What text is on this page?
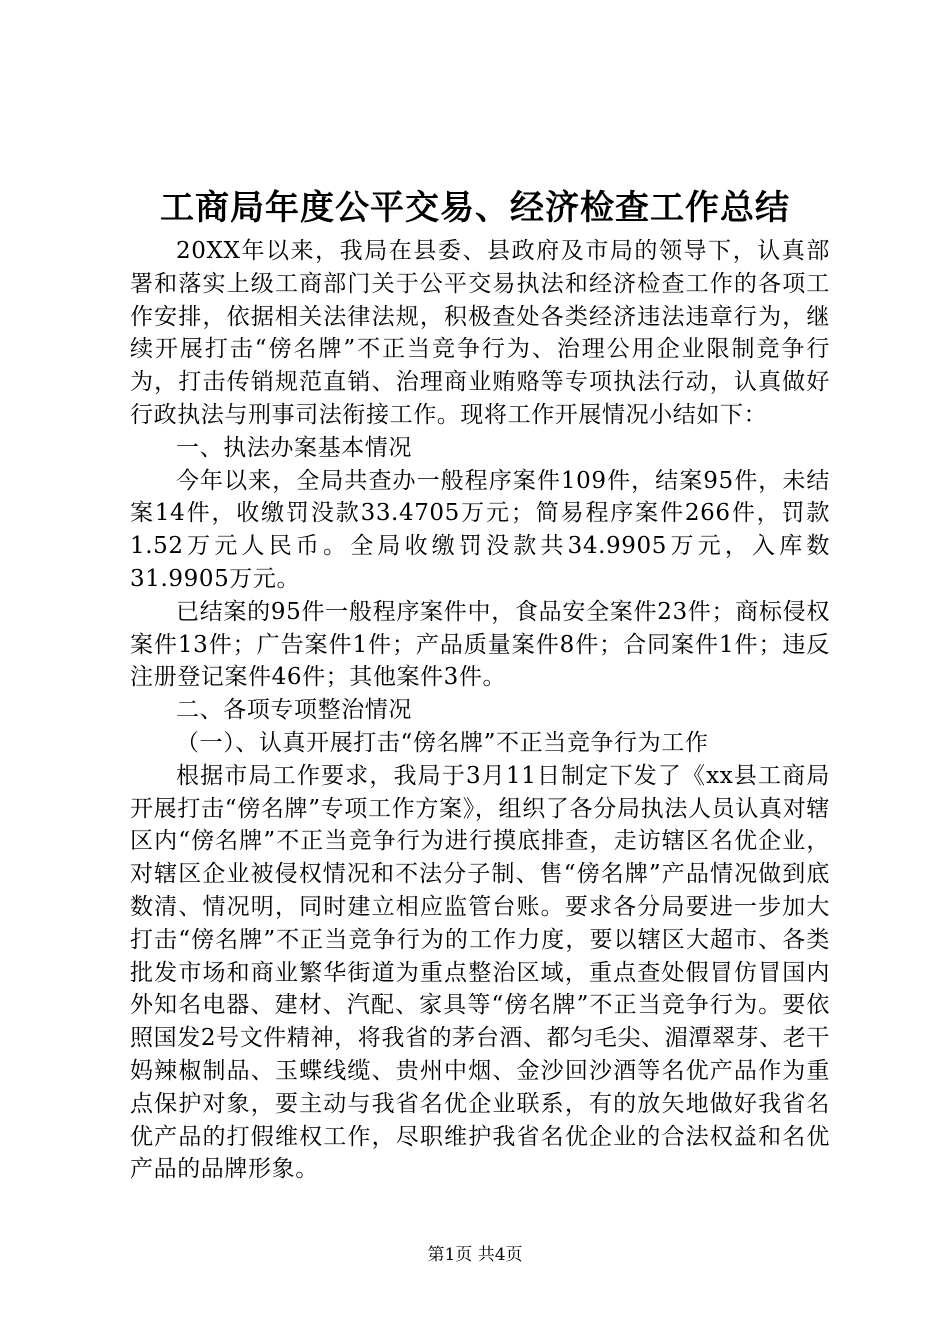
工商局年度公平交易、经济检查工作总结

20XX年以来，我局在县委、县政府及市局的领导下，认真部署和落实上级工商部门关于公平交易执法和经济检查工作的各项工作安排，依据相关法律法规，积极查处各类经济违法违章行为，继续开展打击“傍名牌”不正当竞争行为、治理公用企业限制竞争行为，打击传销规范直销、治理商业贿赂等专项执法行动，认真做好行政执法与刑事司法衔接工作。现将工作开展情况小结如下：

一、执法办案基本情况

今年以来，全局共查办一般程序案件109件，结案95件，未结案14件，收缴罚没款33.4705万元；简易程序案件266件，罚款1.52万元人民币。全局收缴罚没款共34.9905万元，入库数31.9905万元。

已结案的95件一般程序案件中，食品安全案件23件；商标侵权案件13件；广告案件1件；产品质量案件8件；合同案件1件；违反注册登记案件46件；其他案件3件。

二、各项专项整治情况

（一）、认真开展打击“傍名牌”不正当竞争行为工作

根据市局工作要求，我局于3月11日制定下发了《xx县工商局开展打击“傍名牌”专项工作方案》，组织了各分局执法人员认真对辖区内“傍名牌”不正当竞争行为进行摸底排查，走访辖区名优企业，对辖区企业被侵权情况和不法分子制、售“傍名牌”产品情况做到底数清、情况明，同时建立相应监管台账。要求各分局要进一步加大打击“傍名牌”不正当竞争行为的工作力度，要以辖区大超市、各类批发市场和商业繁华街道为重点整治区域，重点查处假冒仿冒国内外知名电器、建材、汽配、家具等“傍名牌”不正当竞争行为。要依照国发2号文件精神，将我省的茅台酒、都匀毛尖、湄潭翠芽、老干妈辣椒制品、玉蝶线缆、贵州中烟、金沙回沙酒等名优产品作为重点保护对象，要主动与我省名优企业联系，有的放矢地做好我省名优产品的打假维权工作，尽职维护我省名优企业的合法权益和名优产品的品牌形象。

第1页 共4页
